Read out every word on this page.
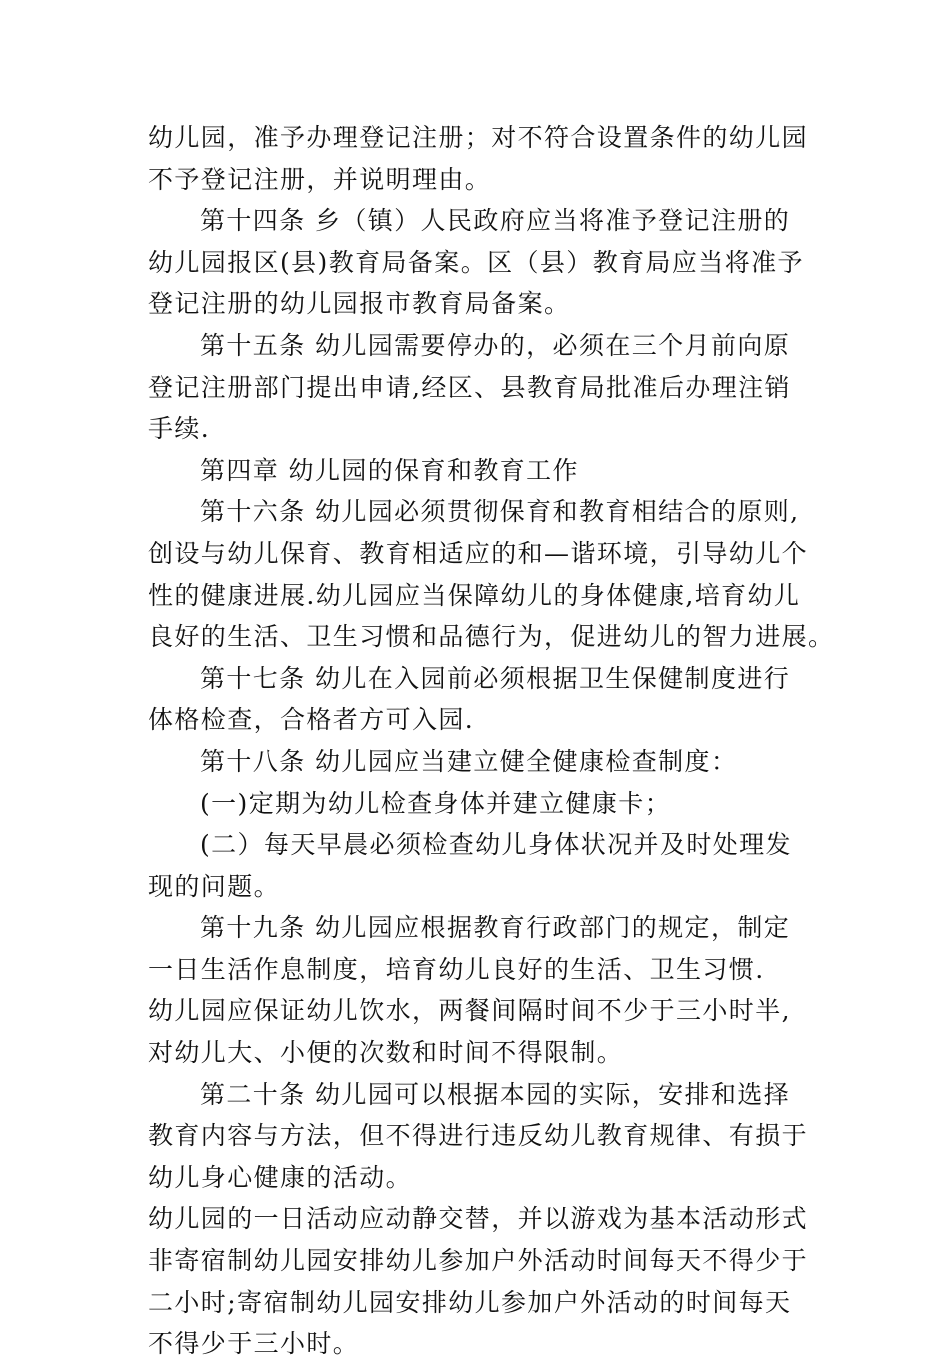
幼儿园，准予办理登记注册；对不符合设置条件的幼儿园
不予登记注册，并说明理由。
第十四条 乡（镇）人民政府应当将准予登记注册的
幼儿园报区(县)教育局备案。区（县）教育局应当将准予
登记注册的幼儿园报市教育局备案。
第十五条 幼儿园需要停办的，必须在三个月前向原
登记注册部门提出申请,经区、县教育局批准后办理注销
手续.
第四章 幼儿园的保育和教育工作
第十六条 幼儿园必须贯彻保育和教育相结合的原则,
创设与幼儿保育、教育相适应的和—谐环境，引导幼儿个
性的健康进展.幼儿园应当保障幼儿的身体健康,培育幼儿
良好的生活、卫生习惯和品德行为，促进幼儿的智力进展。
第十七条 幼儿在入园前必须根据卫生保健制度进行
体格检查，合格者方可入园.
第十八条 幼儿园应当建立健全健康检查制度：
(一)定期为幼儿检查身体并建立健康卡；
(二）每天早晨必须检查幼儿身体状况并及时处理发
现的问题。
第十九条 幼儿园应根据教育行政部门的规定，制定
一日生活作息制度，培育幼儿良好的生活、卫生习惯.
幼儿园应保证幼儿饮水，两餐间隔时间不少于三小时半,
对幼儿大、小便的次数和时间不得限制。
第二十条 幼儿园可以根据本园的实际，安排和选择
教育内容与方法，但不得进行违反幼儿教育规律、有损于
幼儿身心健康的活动。
幼儿园的一日活动应动静交替，并以游戏为基本活动形式
非寄宿制幼儿园安排幼儿参加户外活动时间每天不得少于
二小时;寄宿制幼儿园安排幼儿参加户外活动的时间每天
不得少于三小时。
